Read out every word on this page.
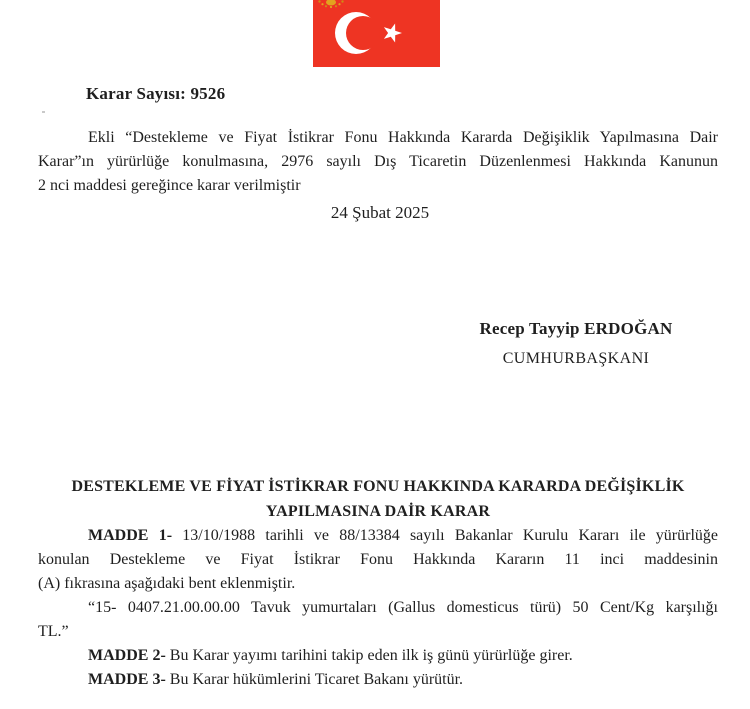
Karar Sayısı: 9526
Ekli “Destekleme ve Fiyat İstikrar Fonu Hakkında Kararda Değişiklik Yapılmasına Dair
Karar”ın yürürlüğe konulmasına, 2976 sayılı Dış Ticaretin Düzenlenmesi Hakkında Kanunun
2 nci maddesi gereğince karar verilmiştir
24 Şubat 2025
Recep Tayyip ERDOĞAN
CUMHURBAŞKANI
DESTEKLEME VE FİYAT İSTİKRAR FONU HAKKINDA KARARDA DEĞİŞİKLİK
YAPILMASINA DAİR KARAR
MADDE 1- 13/10/1988 tarihli ve 88/13384 sayılı Bakanlar Kurulu Kararı ile yürürlüğe
konulan Destekleme ve Fiyat İstikrar Fonu Hakkında Kararın 11 inci maddesinin
(A) fıkrasına aşağıdaki bent eklenmiştir.
“15- 0407.21.00.00.00 Tavuk yumurtaları (Gallus domesticus türü) 50 Cent/Kg karşılığı
TL.”
MADDE 2- Bu Karar yayımı tarihini takip eden ilk iş günü yürürlüğe girer.
MADDE 3- Bu Karar hükümlerini Ticaret Bakanı yürütür.
